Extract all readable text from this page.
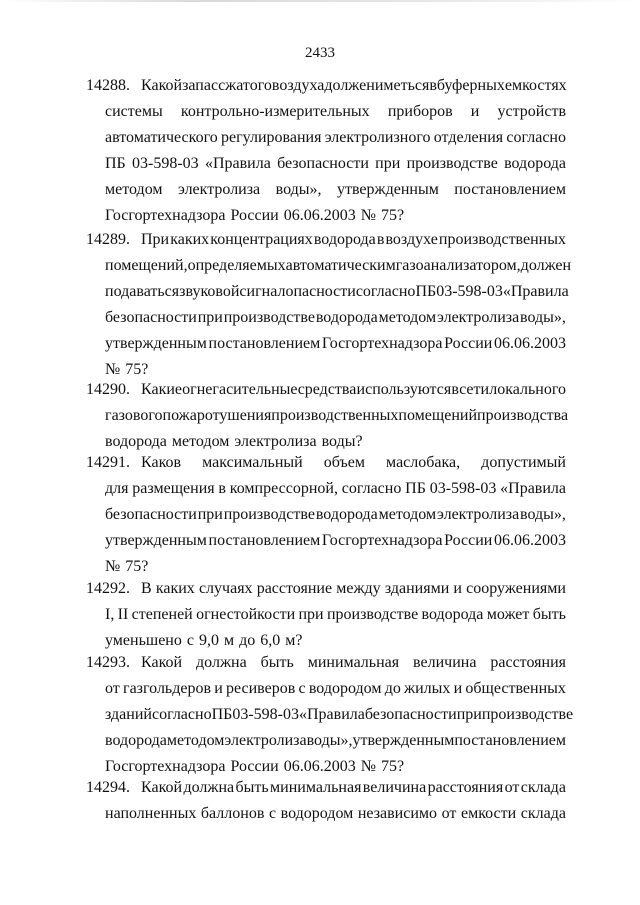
2433
14288. Какой запас сжатого воздуха должен иметься в буферных емкостях
системы контрольно-измерительных приборов и устройств
автоматического регулирования электролизного отделения согласно
ПБ 03-598-03 «Правила безопасности при производстве водорода
методом электролиза воды», утвержденным постановлением
Госгортехнадзора России 06.06.2003 № 75?
14289. При каких концентрациях водорода в воздухе производственных
помещений, определяемых автоматическим газоанализатором, должен
подаваться звуковой сигнал опасности согласно ПБ 03-598-03 «Правила
безопасности при производстве водорода методом электролиза воды»,
утвержденным постановлением Госгортехнадзора России 06.06.2003
№ 75?
14290. Какие огнегасительные средства используются в сети локального
газового пожаротушения производственных помещений производства
водорода методом электролиза воды?
14291. Каков максимальный объем маслобака, допустимый
для размещения в компрессорной, согласно ПБ 03-598-03 «Правила
безопасности при производстве водорода методом электролиза воды»,
утвержденным постановлением Госгортехнадзора России 06.06.2003
№ 75?
14292. В каких случаях расстояние между зданиями и сооружениями
I, II степеней огнестойкости при производстве водорода может быть
уменьшено с 9,0 м до 6,0 м?
14293. Какой должна быть минимальная величина расстояния
от газгольдеров и ресиверов с водородом до жилых и общественных
зданий согласно ПБ 03-598-03 «Правила безопасности при производстве
водорода методом электролиза воды», утвержденным постановлением
Госгортехнадзора России 06.06.2003 № 75?
14294. Какой должна быть минимальная величина расстояния от склада
наполненных баллонов с водородом независимо от емкости склада
